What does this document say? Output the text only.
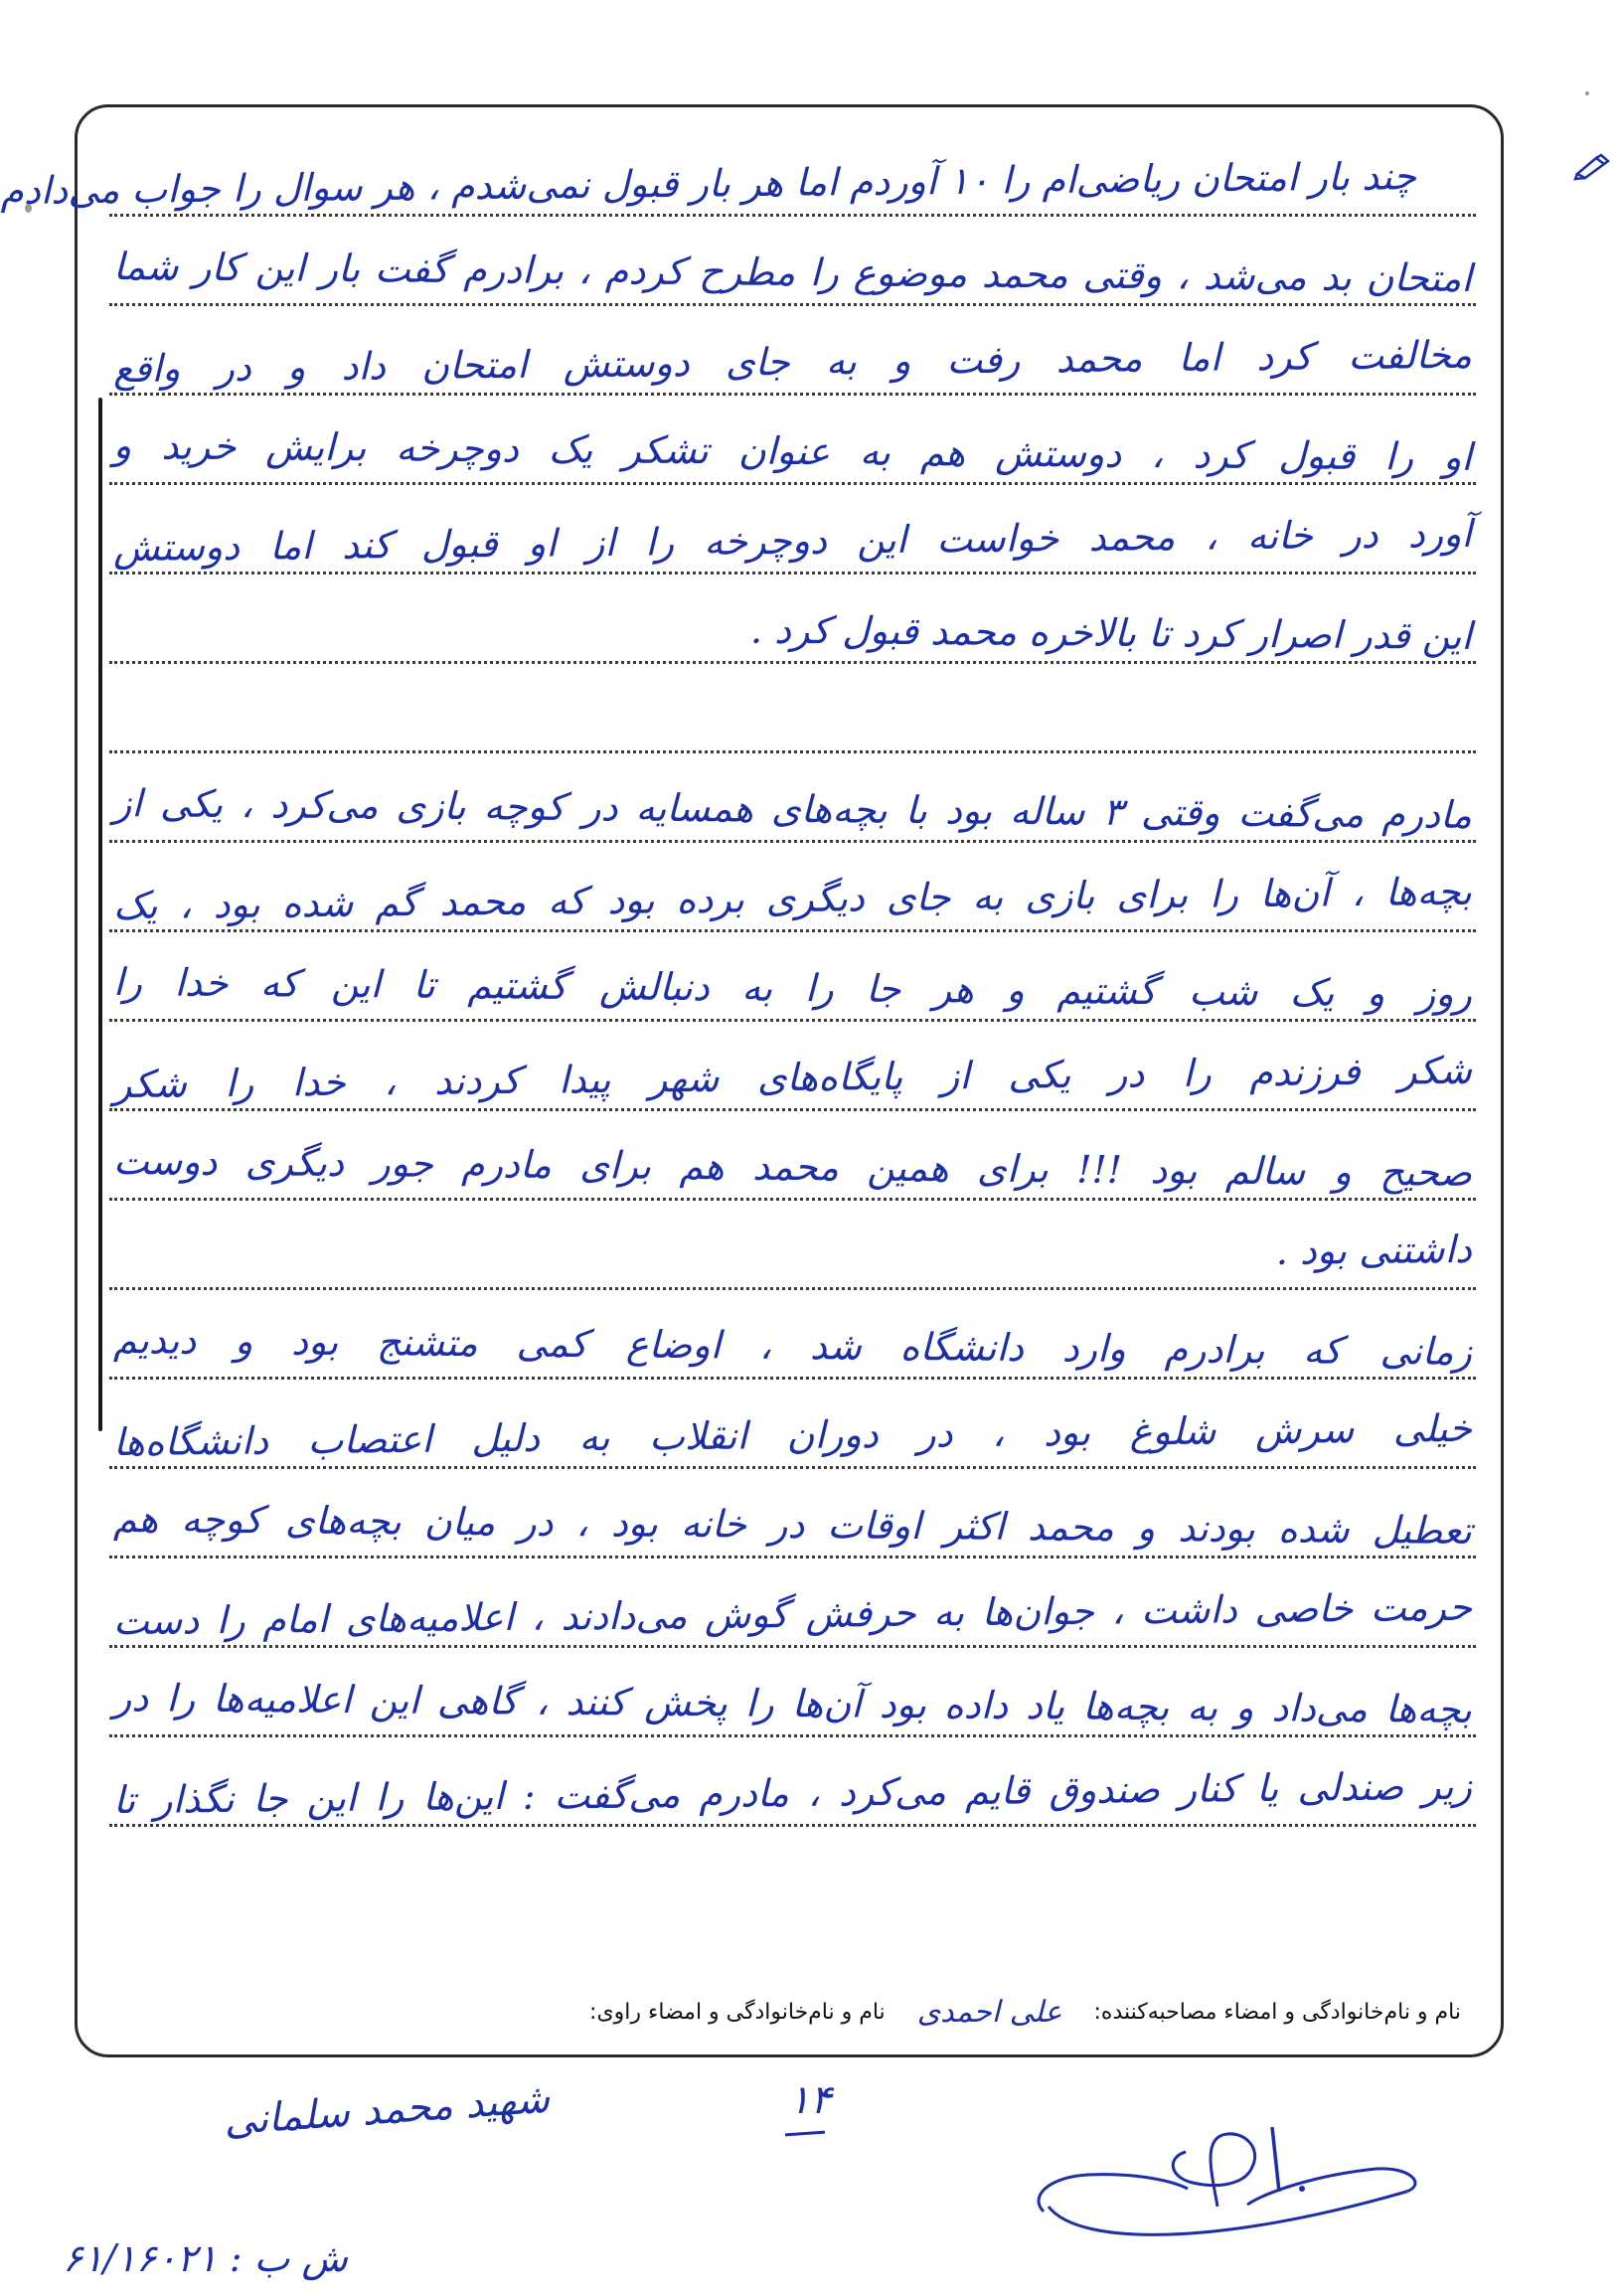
چند بار امتحان ریاضی‌ام را ۱۰ آوردم اما هر بار قبول نمی‌شدم ، هر سوال را جواب می‌دادم

امتحان بد می‌شد ، وقتی محمد موضوع را مطرح کردم ، برادرم گفت بار این کار شما

مخالفت کرد اما محمد رفت و به جای دوستش امتحان داد و در واقع

او را قبول کرد ، دوستش هم به عنوان تشکر یک دوچرخه برایش خرید و

آورد در خانه ، محمد خواست این دوچرخه را از او قبول کند اما دوستش

این قدر اصرار کرد تا بالاخره محمد قبول کرد .

مادرم می‌گفت وقتی ۳ ساله بود با بچه‌های همسایه در کوچه بازی می‌کرد ، یکی از

بچه‌ها ، آن‌ها را برای بازی به جای دیگری برده بود که محمد گم شده بود ، یک

روز و یک شب گشتیم و هر جا را به دنبالش گشتیم تا این که خدا را

شکر فرزندم را در یکی از پایگاه‌های شهر پیدا کردند ، خدا را شکر

صحیح و سالم بود !!! برای همین محمد هم برای مادرم جور دیگری دوست

داشتنی بود .

زمانی که برادرم وارد دانشگاه شد ، اوضاع کمی متشنج بود و دیدیم

خیلی سرش شلوغ بود ، در دوران انقلاب به دلیل اعتصاب دانشگاه‌ها

تعطیل شده بودند و محمد اکثر اوقات در خانه بود ، در میان بچه‌های کوچه هم

حرمت خاصی داشت ، جوان‌ها به حرفش گوش می‌دادند ، اعلامیه‌های امام را دست

بچه‌ها می‌داد و به بچه‌ها یاد داده بود آن‌ها را پخش کنند ، گاهی این اعلامیه‌ها را در

زیر صندلی یا کنار صندوق قایم می‌کرد ، مادرم می‌گفت : این‌ها را این جا نگذار تا

نام و نام‌خانوادگی و امضاء مصاحبه‌کننده:
علی احمدی
نام و نام‌خانوادگی و امضاء راوی:
شهید محمد سلمانی	۱۴
ش ب : ۶۱/۱۶۰۲۱
